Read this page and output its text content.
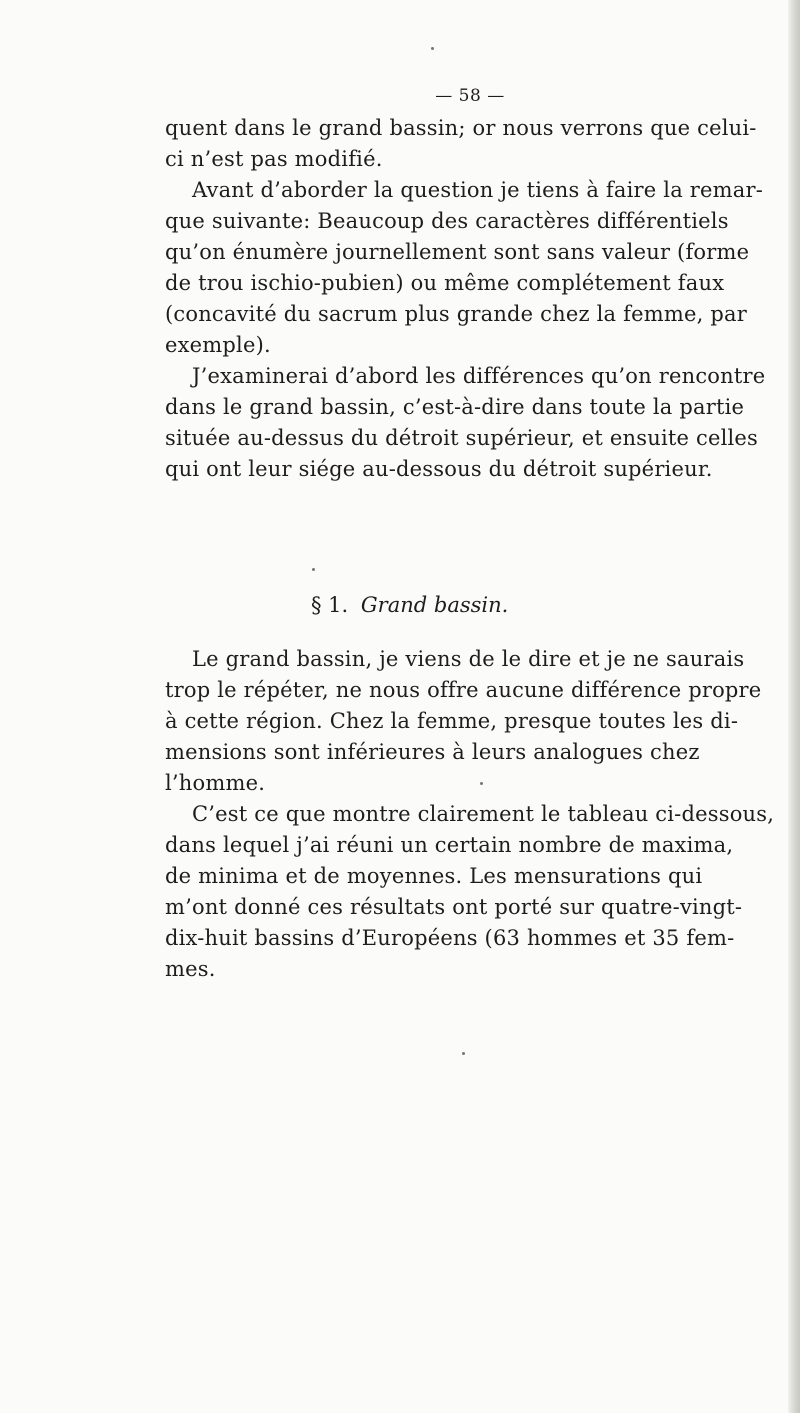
— 58 —
quent dans le grand bassin; or nous verrons que celui-
ci n’est pas modifié.
Avant d’aborder la question je tiens à faire la remar-
que suivante: Beaucoup des caractères différentiels
qu’on énumère journellement sont sans valeur (forme
de trou ischio-pubien) ou même complétement faux
(concavité du sacrum plus grande chez la femme, par
exemple).
J’examinerai d’abord les différences qu’on rencontre
dans le grand bassin, c’est-à-dire dans toute la partie
située au-dessus du détroit supérieur, et ensuite celles
qui ont leur siége au-dessous du détroit supérieur.
§ 1. Grand bassin.
Le grand bassin, je viens de le dire et je ne saurais
trop le répéter, ne nous offre aucune différence propre
à cette région. Chez la femme, presque toutes les di-
mensions sont inférieures à leurs analogues chez
l’homme.
C’est ce que montre clairement le tableau ci-dessous,
dans lequel j’ai réuni un certain nombre de maxima,
de minima et de moyennes. Les mensurations qui
m’ont donné ces résultats ont porté sur quatre-vingt-
dix-huit bassins d’Européens (63 hommes et 35 fem-
mes.
